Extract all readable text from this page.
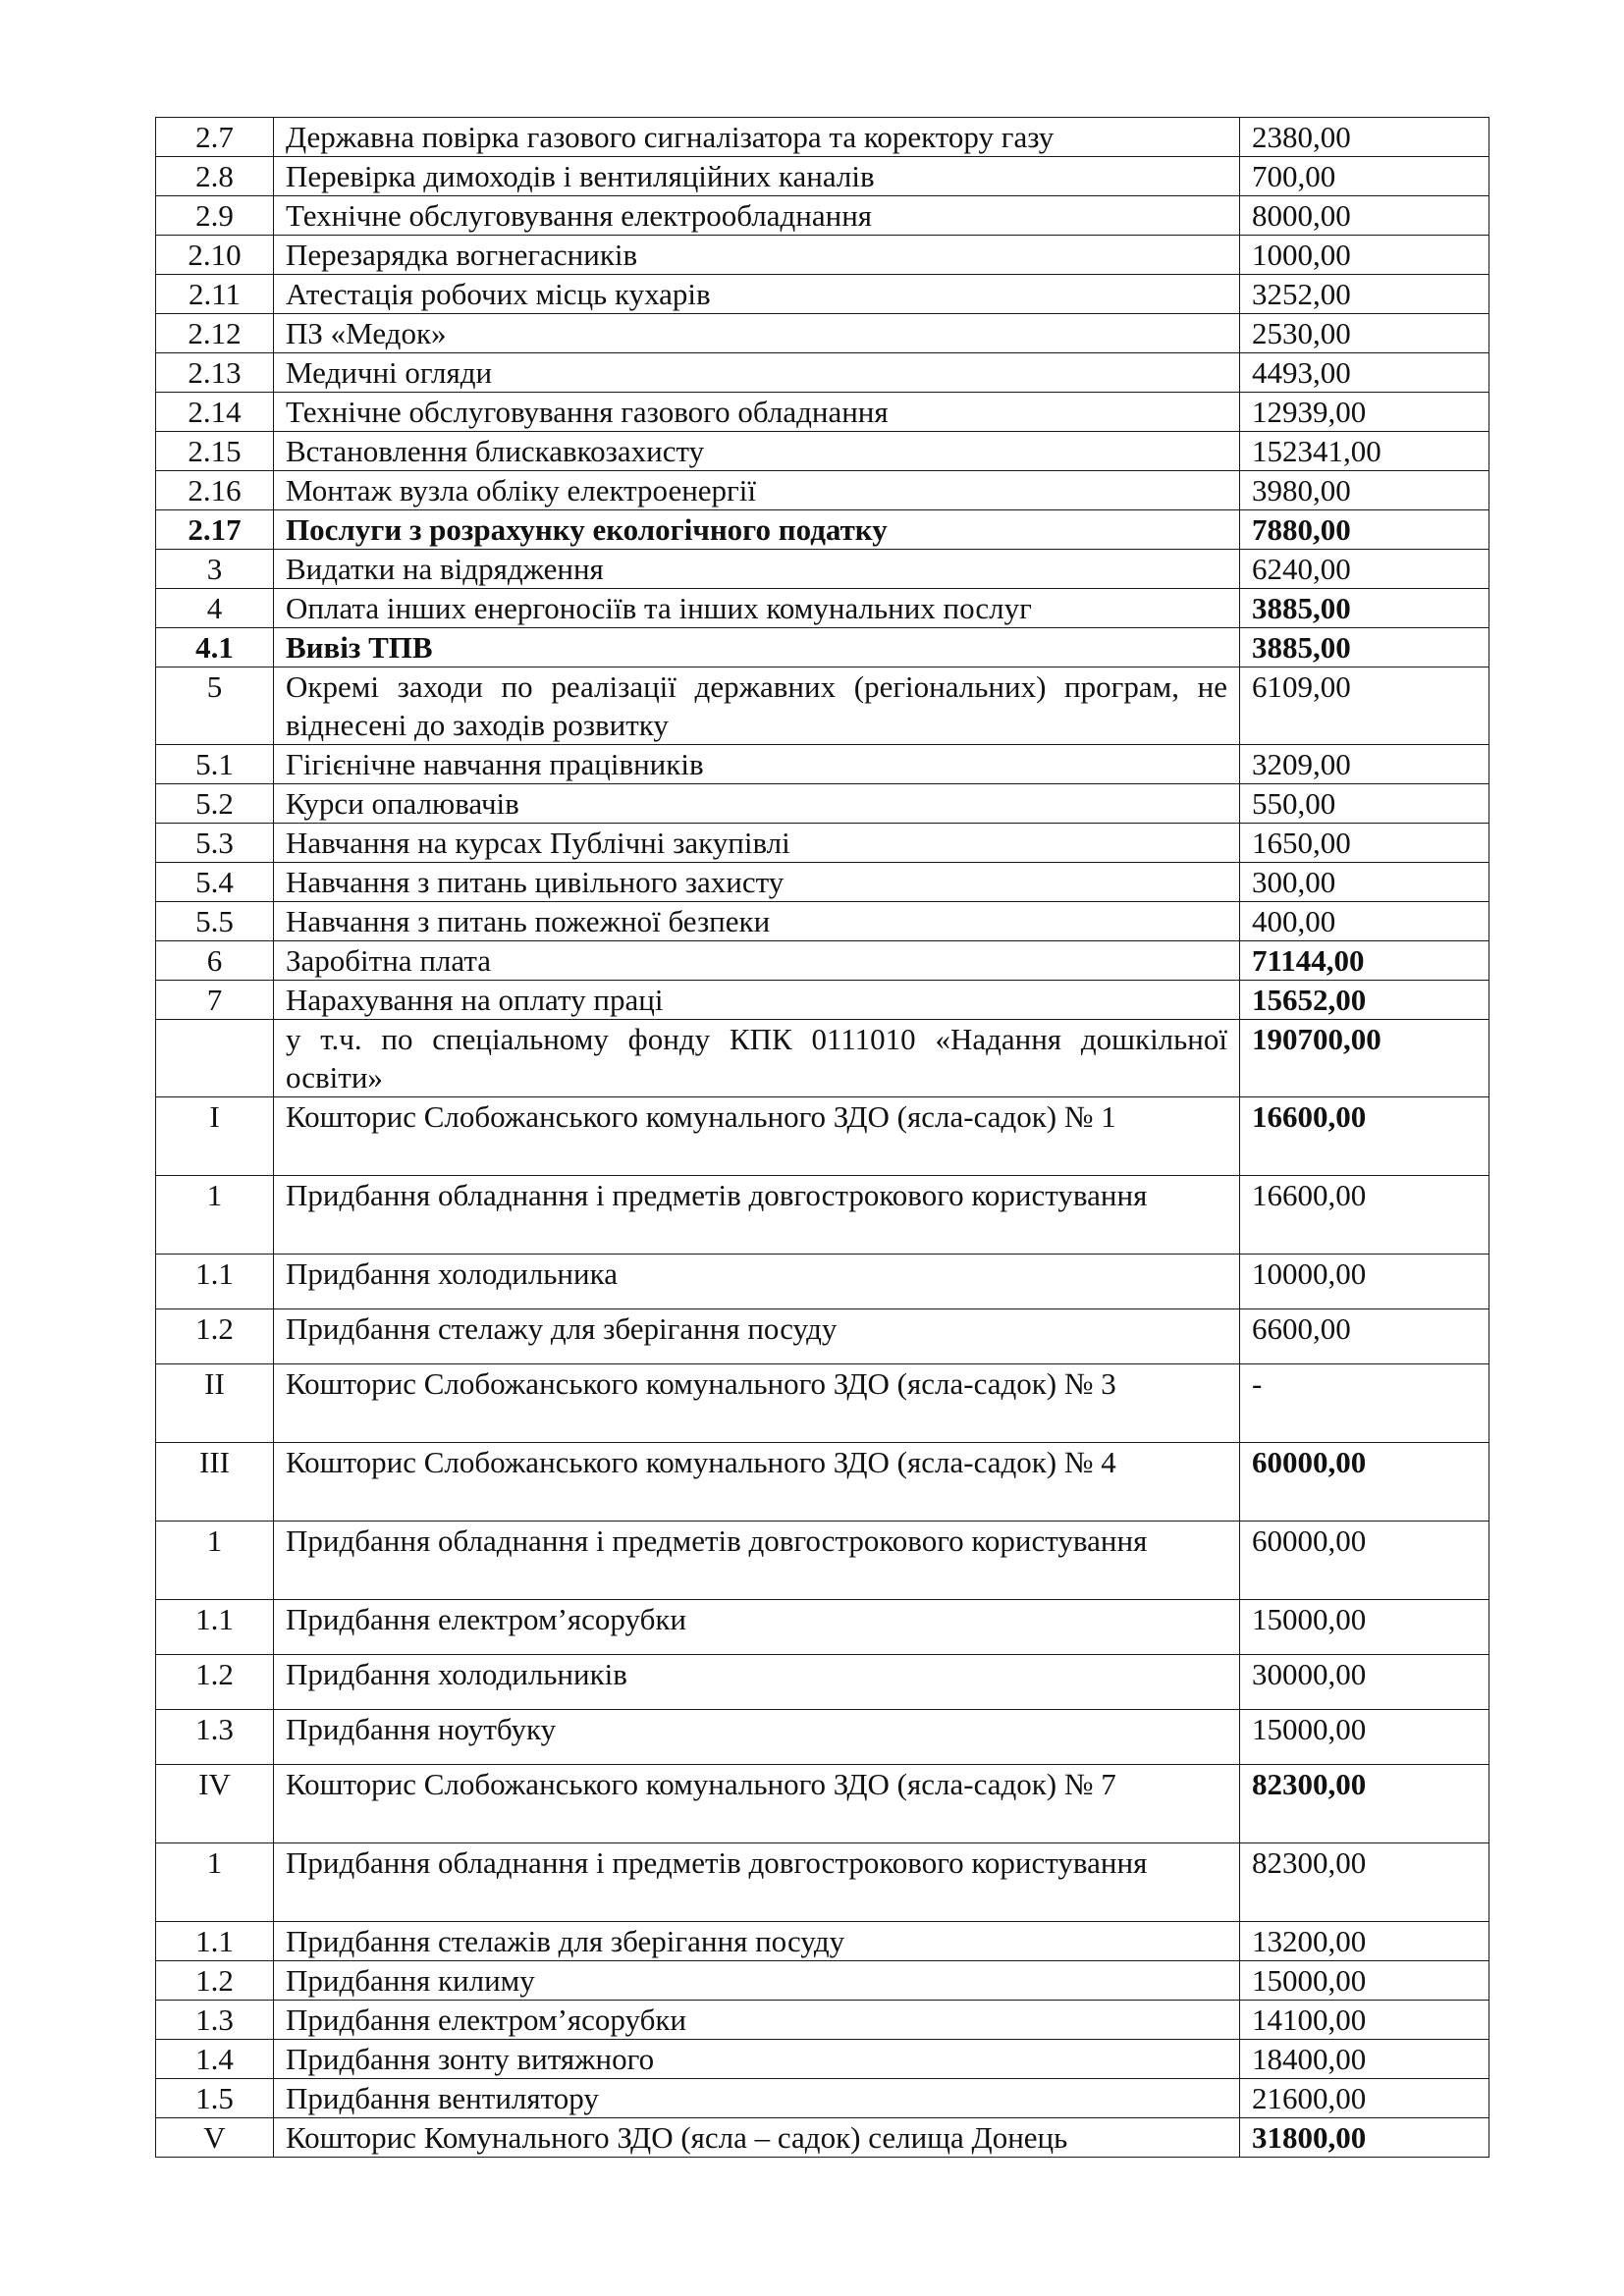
2.7	Державна повірка газового сигналізатора та коректору газу	2380,00
2.8	Перевірка димоходів і вентиляційних каналів	700,00
2.9	Технічне обслуговування електрообладнання	8000,00
2.10	Перезарядка вогнегасників	1000,00
2.11	Атестація робочих місць кухарів	3252,00
2.12	ПЗ «Медок»	2530,00
2.13	Медичні огляди	4493,00
2.14	Технічне обслуговування газового обладнання	12939,00
2.15	Встановлення блискавкозахисту	152341,00
2.16	Монтаж вузла обліку електроенергії	3980,00
2.17	Послуги з розрахунку екологічного податку	7880,00
3	Видатки на відрядження	6240,00
4	Оплата інших енергоносіїв та інших комунальних послуг	3885,00
4.1	Вивіз ТПВ	3885,00
5	Окремі заходи по реалізації державних (регіональних) програм, не віднесені до заходів розвитку	6109,00
5.1	Гігієнічне навчання працівників	3209,00
5.2	Курси опалювачів	550,00
5.3	Навчання на курсах Публічні закупівлі	1650,00
5.4	Навчання з питань цивільного захисту	300,00
5.5	Навчання з питань пожежної безпеки	400,00
6	Заробітна плата	71144,00
7	Нарахування на оплату праці	15652,00
	у т.ч. по спеціальному фонду КПК 0111010 «Надання дошкільної освіти»	190700,00
I	Кошторис Слобожанського комунального ЗДО (ясла-садок) № 1	16600,00
1	Придбання обладнання і предметів довгострокового користування	16600,00
1.1	Придбання холодильника	10000,00
1.2	Придбання стелажу для зберігання посуду	6600,00
II	Кошторис Слобожанського комунального ЗДО (ясла-садок) № 3	-
III	Кошторис Слобожанського комунального ЗДО (ясла-садок) № 4	60000,00
1	Придбання обладнання і предметів довгострокового користування	60000,00
1.1	Придбання електром’ясорубки	15000,00
1.2	Придбання холодильників	30000,00
1.3	Придбання ноутбуку	15000,00
IV	Кошторис Слобожанського комунального ЗДО (ясла-садок) № 7	82300,00
1	Придбання обладнання і предметів довгострокового користування	82300,00
1.1	Придбання стелажів для зберігання посуду	13200,00
1.2	Придбання килиму	15000,00
1.3	Придбання електром’ясорубки	14100,00
1.4	Придбання зонту витяжного	18400,00
1.5	Придбання вентилятору	21600,00
V	Кошторис Комунального ЗДО (ясла – садок) селища Донець	31800,00
